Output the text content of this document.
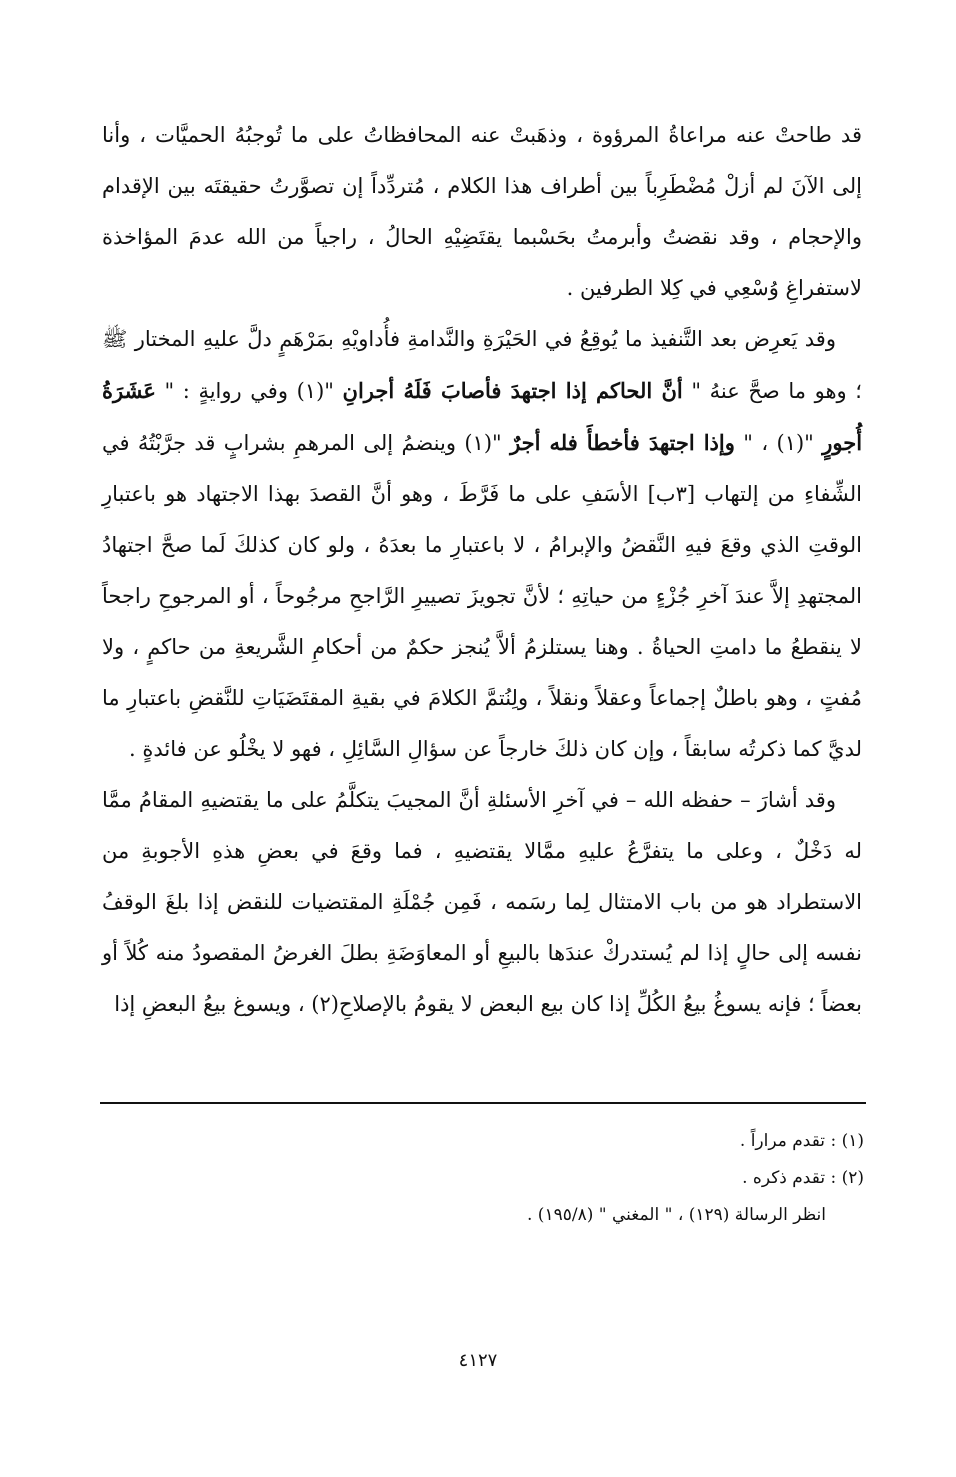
قد طاحتْ عنه مراعاةُ المرؤوة ، وذهَبتْ عنه المحافظاتُ على ما تُوجبُهُ الحميَّات ، وأنا إلى الآنَ لم أزلْ مُضْطَرِباً بين أطراف هذا الكلام ، مُتردِّداً إن تصوَّرتُ حقيقتَه بين الإقدام والإحجام ، وقد نقضتُ وأبرمتُ بحَسْبما يقتَضِيْهِ الحالُ ، راجياً من الله عدمَ المؤاخذة لاستفراغِ وُسْعِي في كِلا الطرفين .

وقد يَعرِض بعد التَّنفيذ ما يُوقِعُ في الحَيْرَةِ والنَّدامةِ فأُداويْهِ بمَرْهَمٍ دلَّ عليهِ المختار ﷺ ؛ وهو ما صحَّ عنهُ " أنَّ الحاكم إذا اجتهدَ فأصابَ فَلَهُ أجرانِ "(١) وفي روايةٍ : " عَشَرَةُ أُجورٍ "(١) ، " وإذا اجتهدَ فأخطأَ فله أجرٌ "(١) وينضمُ إلى المرهمِ بشرابٍ قد جرَّبْتُهُ في الشِّفاءِ من إلتهاب [٣ب] الأسَفِ على ما فَرَّطَ ، وهو أنَّ القصدَ بهذا الاجتهاد هو باعتبارِ الوقتِ الذي وقعَ فيهِ النَّقضُ والإبرامُ ، لا باعتبارِ ما بعدَهُ ، ولو كان كذلكَ لَما صحَّ اجتهادُ المجتهدِ إلاَّ عندَ آخرِ جُزْءٍ من حياتِهِ ؛ لأنَّ تجويزَ تصييرِ الرَّاجحِ مرجُوحاً ، أو المرجوحِ راجحاً لا ينقطعُ ما دامتِ الحياةُ . وهنا يستلزمُ ألاَّ يُنجز حكمٌ من أحكامِ الشَّريعةِ من حاكمٍ ، ولا مُفتٍ ، وهو باطلٌ إجماعاً وعقلاً ونقلاً ، ولِنُتمَّ الكلامَ في بقيةِ المقتَضَيَاتِ للنَّقضِ باعتبارِ ما لديَّ كما ذكرتُه سابقاً ، وإن كان ذلكَ خارجاً عن سؤالِ السَّائِلِ ، فهو لا يخْلُو عن فائدةٍ .

وقد أشارَ – حفظه الله – في آخرِ الأسئلةِ أنَّ المجيبَ يتكلَّمُ على ما يقتضيهِ المقامُ ممَّا له دَخْلٌ ، وعلى ما يتفرَّعُ عليهِ ممَّالا يقتضيهِ ، فما وقعَ في بعضِ هذهِ الأجوبةِ من الاستطراد هو من باب الامتثال لِما رسَمه ، فَمِن جُمْلَةِ المقتضيات للنقض إذا بلغَ الوقفُ نفسه إلى حالٍ إذا لم يُستدركْ عندَها بالبيعِ أو المعاوَضَةِ بطلَ الغرضُ المقصودُ منه كُلاً أو بعضاً ؛ فإنه يسوغُ بيعُ الكُلِّ إذا كان بيع البعض لا يقومُ بالإصلاحِ(٢) ، ويسوغ بيعُ البعضِ إذا

(١) : تقدم مراراً .

(٢) : تقدم ذكره .

انظر الرسالة (١٢٩) ، " المغني " (١٩٥/٨) .

٤١٢٧
